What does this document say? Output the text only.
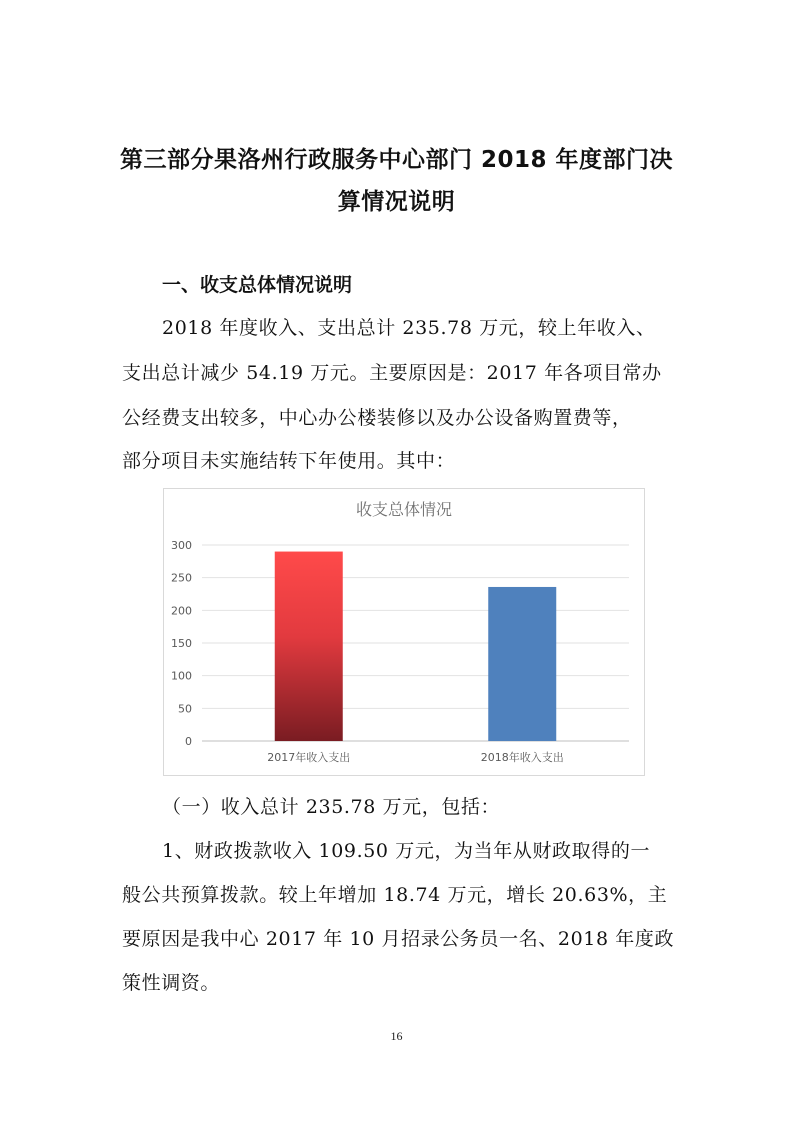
第三部分果洛州行政服务中心部门 2018 年度部门决
算情况说明
一、收支总体情况说明

2018 年度收入、支出总计 235.78 万元，较上年收入、

支出总计减少 54.19 万元。主要原因是：2017 年各项目常办

公经费支出较多，中心办公楼装修以及办公设备购置费等，

部分项目未实施结转下年使用。其中：

收支总体情况
0
50
100
150
200
250
300
2017年收入支出	2018年收入支出

（一）收入总计 235.78 万元，包括：

1、财政拨款收入 109.50 万元，为当年从财政取得的一

般公共预算拨款。较上年增加 18.74 万元，增长 20.63%，主

要原因是我中心 2017 年 10 月招录公务员一名、2018 年度政

策性调资。

16
